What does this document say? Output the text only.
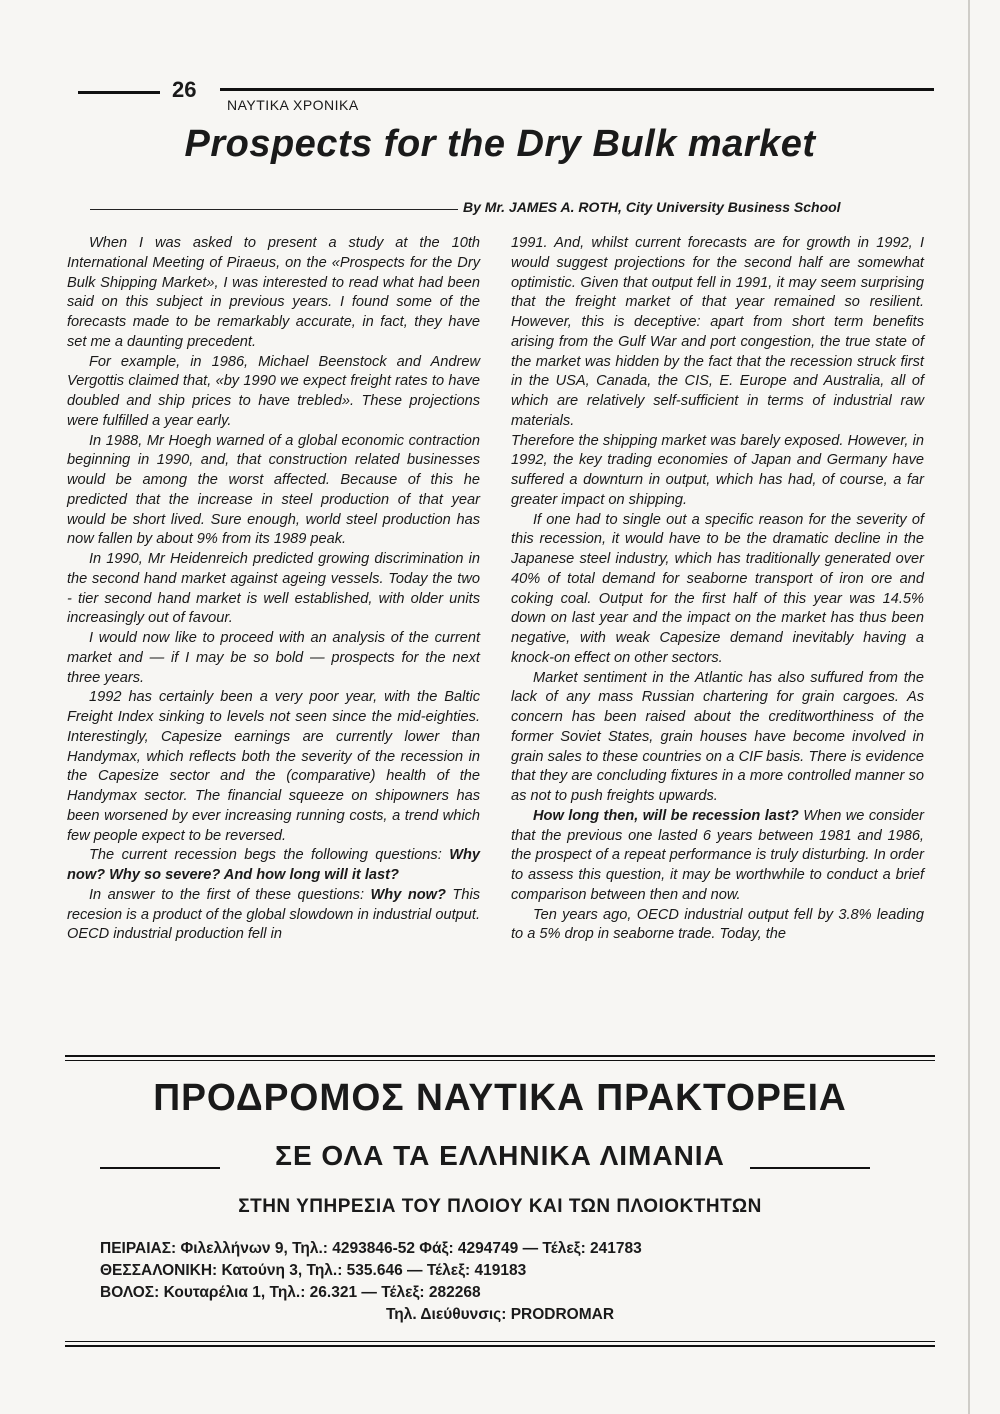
26
ΝΑΥΤΙΚΑ ΧΡΟΝΙΚΑ
Prospects for the Dry Bulk market
By Mr. JAMES A. ROTH, City University Business School

When I was asked to present a study at the 10th International Meeting of Piraeus, on the «Prospects for the Dry Bulk Shipping Market», I was interested to read what had been said on this subject in previous years. I found some of the forecasts made to be remarkably accurate, in fact, they have set me a daunting precedent.

For example, in 1986, Michael Beenstock and Andrew Vergottis claimed that, «by 1990 we expect freight rates to have doubled and ship prices to have trebled». These projections were fulfilled a year early.

In 1988, Mr Hoegh warned of a global economic contraction beginning in 1990, and, that construction related businesses would be among the worst affected. Because of this he predicted that the increase in steel production of that year would be short lived. Sure enough, world steel production has now fallen by about 9% from its 1989 peak.

In 1990, Mr Heidenreich predicted growing discrimination in the second hand market against ageing vessels. Today the two - tier second hand market is well established, with older units increasingly out of favour.

I would now like to proceed with an analysis of the current market and — if I may be so bold — prospects for the next three years.

1992 has certainly been a very poor year, with the Baltic Freight Index sinking to levels not seen since the mid-eighties. Interestingly, Capesize earnings are currently lower than Handymax, which reflects both the severity of the recession in the Capesize sector and the (comparative) health of the Handymax sector. The financial squeeze on shipowners has been worsened by ever increasing running costs, a trend which few people expect to be reversed.

The current recession begs the following questions: Why now? Why so severe? And how long will it last?

In answer to the first of these questions: Why now? This recesion is a product of the global slowdown in industrial output. OECD industrial production fell in

1991. And, whilst current forecasts are for growth in 1992, I would suggest projections for the second half are somewhat optimistic. Given that output fell in 1991, it may seem surprising that the freight market of that year remained so resilient. However, this is deceptive: apart from short term benefits arising from the Gulf War and port congestion, the true state of the market was hidden by the fact that the recession struck first in the USA, Canada, the CIS, E. Europe and Australia, all of which are relatively self-sufficient in terms of industrial raw materials.

Therefore the shipping market was barely exposed. However, in 1992, the key trading economies of Japan and Germany have suffered a downturn in output, which has had, of course, a far greater impact on shipping.

If one had to single out a specific reason for the severity of this recession, it would have to be the dramatic decline in the Japanese steel industry, which has traditionally generated over 40% of total demand for seaborne transport of iron ore and coking coal. Output for the first half of this year was 14.5% down on last year and the impact on the market has thus been negative, with weak Capesize demand inevitably having a knock-on effect on other sectors.

Market sentiment in the Atlantic has also suffured from the lack of any mass Russian chartering for grain cargoes. As concern has been raised about the creditworthiness of the former Soviet States, grain houses have become involved in grain sales to these countries on a CIF basis. There is evidence that they are concluding fixtures in a more controlled manner so as not to push freights upwards.

How long then, will be recession last? When we consider that the previous one lasted 6 years between 1981 and 1986, the prospect of a repeat performance is truly disturbing. In order to assess this question, it may be worthwhile to conduct a brief comparison between then and now.

Ten years ago, OECD industrial output fell by 3.8% leading to a 5% drop in seaborne trade. Today, the

ΠΡΟΔΡΟΜΟΣ ΝΑΥΤΙΚΑ ΠΡΑΚΤΟΡΕΙΑ
ΣΕ ΟΛΑ ΤΑ ΕΛΛΗΝΙΚΑ ΛΙΜΑΝΙΑ
ΣΤΗΝ ΥΠΗΡΕΣΙΑ ΤΟΥ ΠΛΟΙΟΥ ΚΑΙ ΤΩΝ ΠΛΟΙΟΚΤΗΤΩΝ
ΠΕΙΡΑΙΑΣ: Φιλελλήνων 9, Τηλ.: 4293846-52 Φάξ: 4294749 — Τέλεξ: 241783
ΘΕΣΣΑΛΟΝΙΚΗ: Κατούνη 3, Τηλ.: 535.646 — Τέλεξ: 419183
ΒΟΛΟΣ: Κουταρέλια 1, Τηλ.: 26.321 — Τέλεξ: 282268
Τηλ. Διεύθυνσις: PRODROMAR
